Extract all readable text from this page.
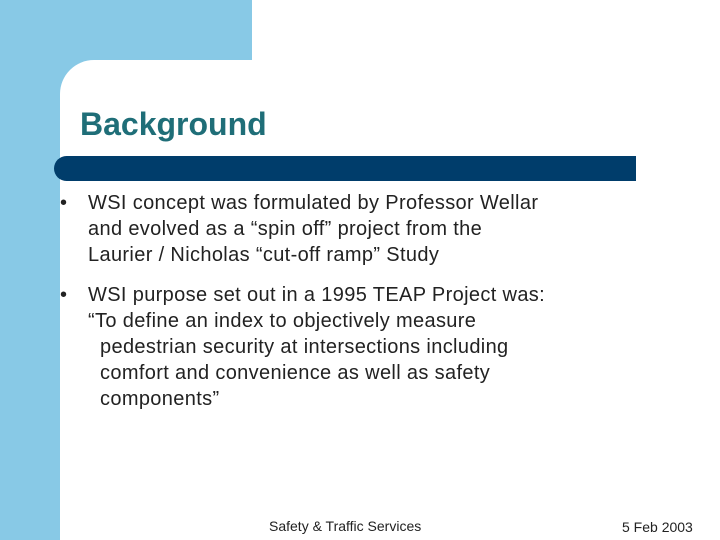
Background
• WSI concept was formulated by Professor Wellar
and evolved as a “spin off” project from the
Laurier / Nicholas “cut-off ramp” Study
• WSI purpose set out in a 1995 TEAP Project was:
“To define an index to objectively measure
pedestrian security at intersections including
comfort and convenience as well as safety
components”
Safety & Traffic Services	5 Feb 2003
